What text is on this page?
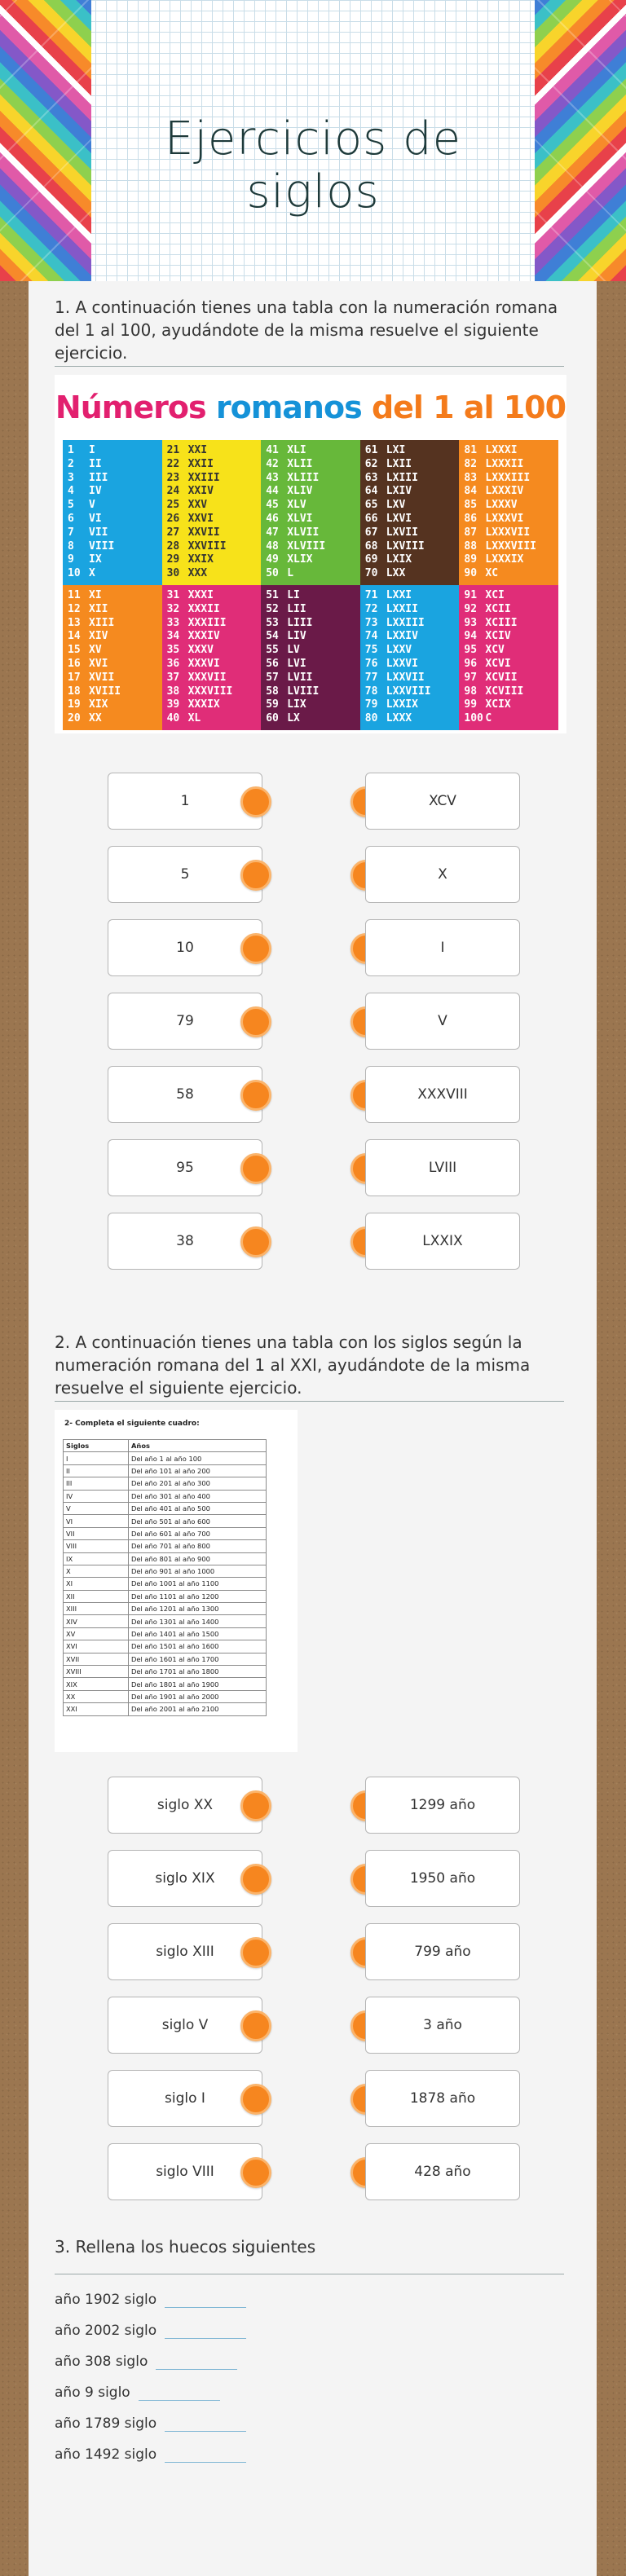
Ejercicios de siglos
1. A continuación tienes una tabla con la numeración romana del 1 al 100, ayudándote de la misma resuelve el siguiente ejercicio.
Números romanos del 1 al 100
1	I
2	II
3	III
4	IV
5	V
6	VI
7	VII
8	VIII
9	IX
10 X
21 XXI
22 XXII
23 XXIII
24 XXIV
25 XXV
26 XXVI
27 XXVII
28 XXVIII
29 XXIX
30 XXX
41 XLI
42 XLII
43 XLIII
44 XLIV
45 XLV
46 XLVI
47 XLVII
48 XLVIII
49 XLIX
50 L
61 LXI
62 LXII
63 LXIII
64 LXIV
65 LXV
66 LXVI
67 LXVII
68 LXVIII
69 LXIX
70 LXX
81 LXXXI
82 LXXXII
83 LXXXIII
84 LXXXIV
85 LXXXV
86 LXXXVI
87 LXXXVII
88 LXXXVIII
89 LXXXIX
90 XC
11 XI
12 XII
13 XIII
14 XIV
15 XV
16 XVI
17 XVII
18 XVIII
19 XIX
20 XX
31 XXXI
32 XXXII
33 XXXIII
34 XXXIV
35 XXXV
36 XXXVI
37 XXXVII
38 XXXVIII
39 XXXIX
40 XL
51 LI
52 LII
53 LIII
54 LIV
55 LV
56 LVI
57 LVII
58 LVIII
59 LIX
60 LX
71 LXXI
72 LXXII
73 LXXIII
74 LXXIV
75 LXXV
76 LXXVI
77 LXXVII
78 LXXVIII
79 LXXIX
80 LXXX
91 XCI
92 XCII
93 XCIII
94 XCIV
95 XCV
96 XCVI
97 XCVII
98 XCVIII
99 XCIX
100 C
1	XCV
5	X
10	I
79	V
58	XXXVIII
95	LVIII
38	LXXIX
2. A continuación tienes una tabla con los siglos según la numeración romana del 1 al XXI, ayudándote de la misma resuelve el siguiente ejercicio.
2- Completa el siguiente cuadro:
Siglos	Años
I	Del año 1 al año 100
II	Del año 101 al año 200
III	Del año 201 al año 300
IV	Del año 301 al año 400
V	Del año 401 al año 500
VI	Del año 501 al año 600
VII	Del año 601 al año 700
VIII	Del año 701 al año 800
IX	Del año 801 al año 900
X	Del año 901 al año 1000
XI	Del año 1001 al año 1100
XII	Del año 1101 al año 1200
XIII	Del año 1201 al año 1300
XIV	Del año 1301 al año 1400
XV	Del año 1401 al año 1500
XVI	Del año 1501 al año 1600
XVII	Del año 1601 al año 1700
XVIII	Del año 1701 al año 1800
XIX	Del año 1801 al año 1900
XX	Del año 1901 al año 2000
XXI	Del año 2001 al año 2100
siglo XX	1299 año
siglo XIX	1950 año
siglo XIII	799 año
siglo V	3 año
siglo I	1878 año
siglo VIII	428 año
3. Rellena los huecos siguientes
año 1902 siglo
año 2002 siglo
año 308 siglo
año 9 siglo
año 1789 siglo
año 1492 siglo
